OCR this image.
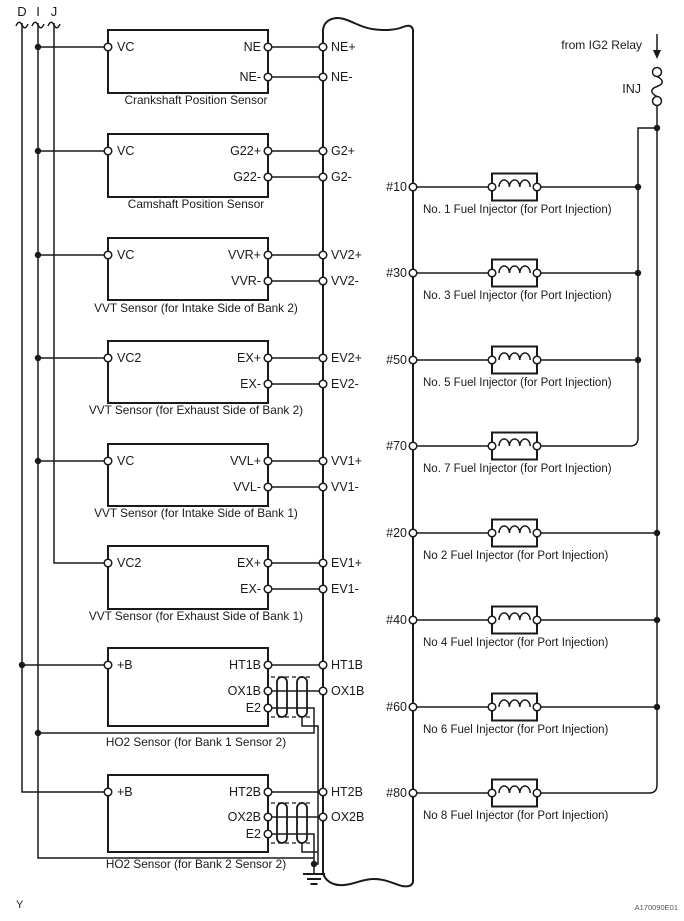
D I J
VC	NE
NE-
Crankshaft Position Sensor
VC	G22+
G22-
Camshaft Position Sensor
VC	VVR+
VVR-
VVT Sensor (for Intake Side of Bank 2)
VC2	EX+
EX-
VVT Sensor (for Exhaust Side of Bank 2)
VC	VVL+
VVL-
VVT Sensor (for Intake Side of Bank 1)
VC2	EX+
EX-
VVT Sensor (for Exhaust Side of Bank 1)
+B	HT1B
OX1B
E2
HO2 Sensor (for Bank 1 Sensor 2)
+B	HT2B
OX2B
E2
HO2 Sensor (for Bank 2 Sensor 2)
NE+
NE-
G2+
G2-
VV2+
VV2-
EV2+
EV2-
VV1+
VV1-
EV1+
EV1-
HT1B
OX1B
HT2B
OX2B
from IG2 Relay
INJ
#10
No. 1 Fuel Injector (for Port Injection)
#30
No. 3 Fuel Injector (for Port Injection)
#50
No. 5 Fuel Injector (for Port Injection)
#70
No. 7 Fuel Injector (for Port Injection)
#20
No 2 Fuel Injector (for Port Injection)
#40
No 4 Fuel Injector (for Port Injection)
#60
No 6 Fuel Injector (for Port Injection)
#80
No 8 Fuel Injector (for Port Injection)
Y	A170090E01
